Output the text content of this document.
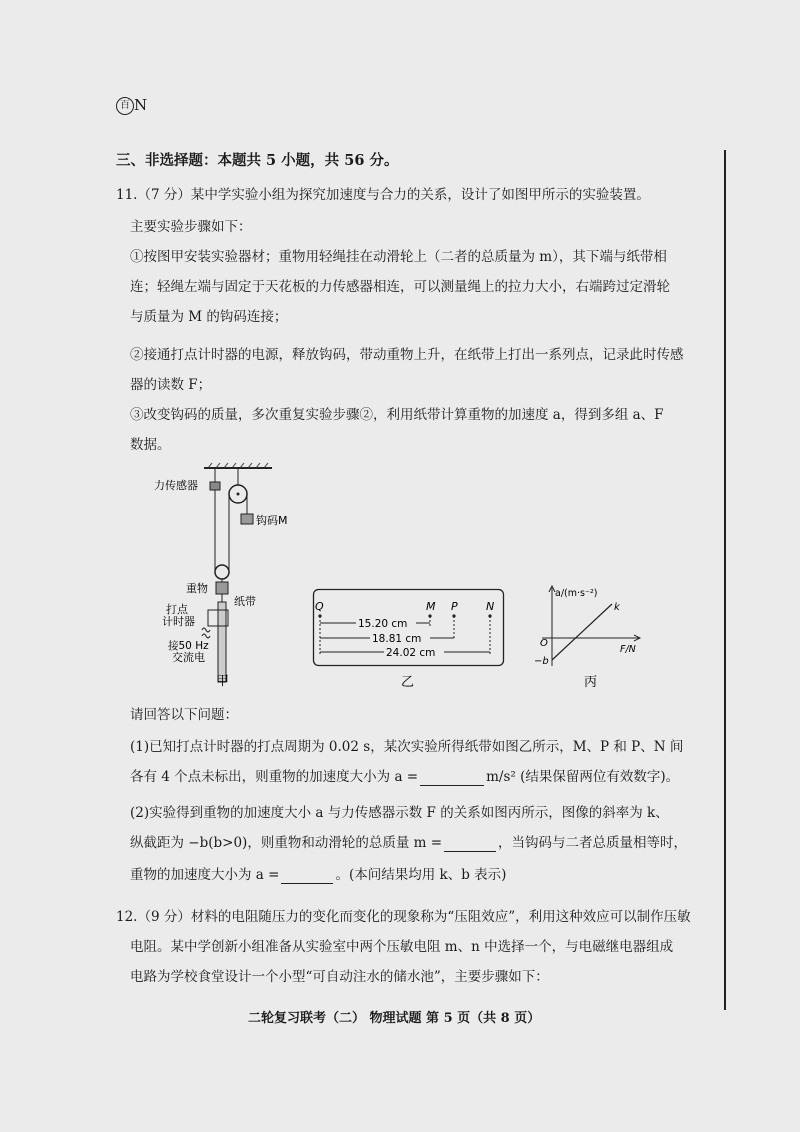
百 N
三、非选择题：本题共 5 小题，共 56 分。
11.（7 分）某中学实验小组为探究加速度与合力的关系，设计了如图甲所示的实验装置。
主要实验步骤如下：
①按图甲安装实验器材；重物用轻绳挂在动滑轮上（二者的总质量为 m），其下端与纸带相
连；轻绳左端与固定于天花板的力传感器相连，可以测量绳上的拉力大小，右端跨过定滑轮
与质量为 M 的钩码连接；
②接通打点计时器的电源，释放钩码，带动重物上升，在纸带上打出一系列点，记录此时传感
器的读数 F；
③改变钩码的质量，多次重复实验步骤②，利用纸带计算重物的加速度 a，得到多组 a、F
数据。
力传感器
钩码M
重物
纸带
打点
计时器
接50 Hz
交流电
甲
Q	M P	N
15.20 cm
18.81 cm
24.02 cm
乙
a/(m·s⁻²)
F/N
O
−b
k
丙
请回答以下问题：
(1)已知打点计时器的打点周期为 0.02 s，某次实验所得纸带如图乙所示，M、P 和 P、N 间
各有 4 个点未标出，则重物的加速度大小为 a =	m/s² (结果保留两位有效数字)。
(2)实验得到重物的加速度大小 a 与力传感器示数 F 的关系如图丙所示，图像的斜率为 k、
纵截距为 −b(b>0)，则重物和动滑轮的总质量 m =	，当钩码与二者总质量相等时，
重物的加速度大小为 a =	。(本问结果均用 k、b 表示)
12.（9 分）材料的电阻随压力的变化而变化的现象称为“压阻效应”，利用这种效应可以制作压敏
电阻。某中学创新小组准备从实验室中两个压敏电阻 m、n 中选择一个，与电磁继电器组成
电路为学校食堂设计一个小型“可自动注水的储水池”，主要步骤如下：
二轮复习联考（二） 物理试题 第 5 页（共 8 页）
